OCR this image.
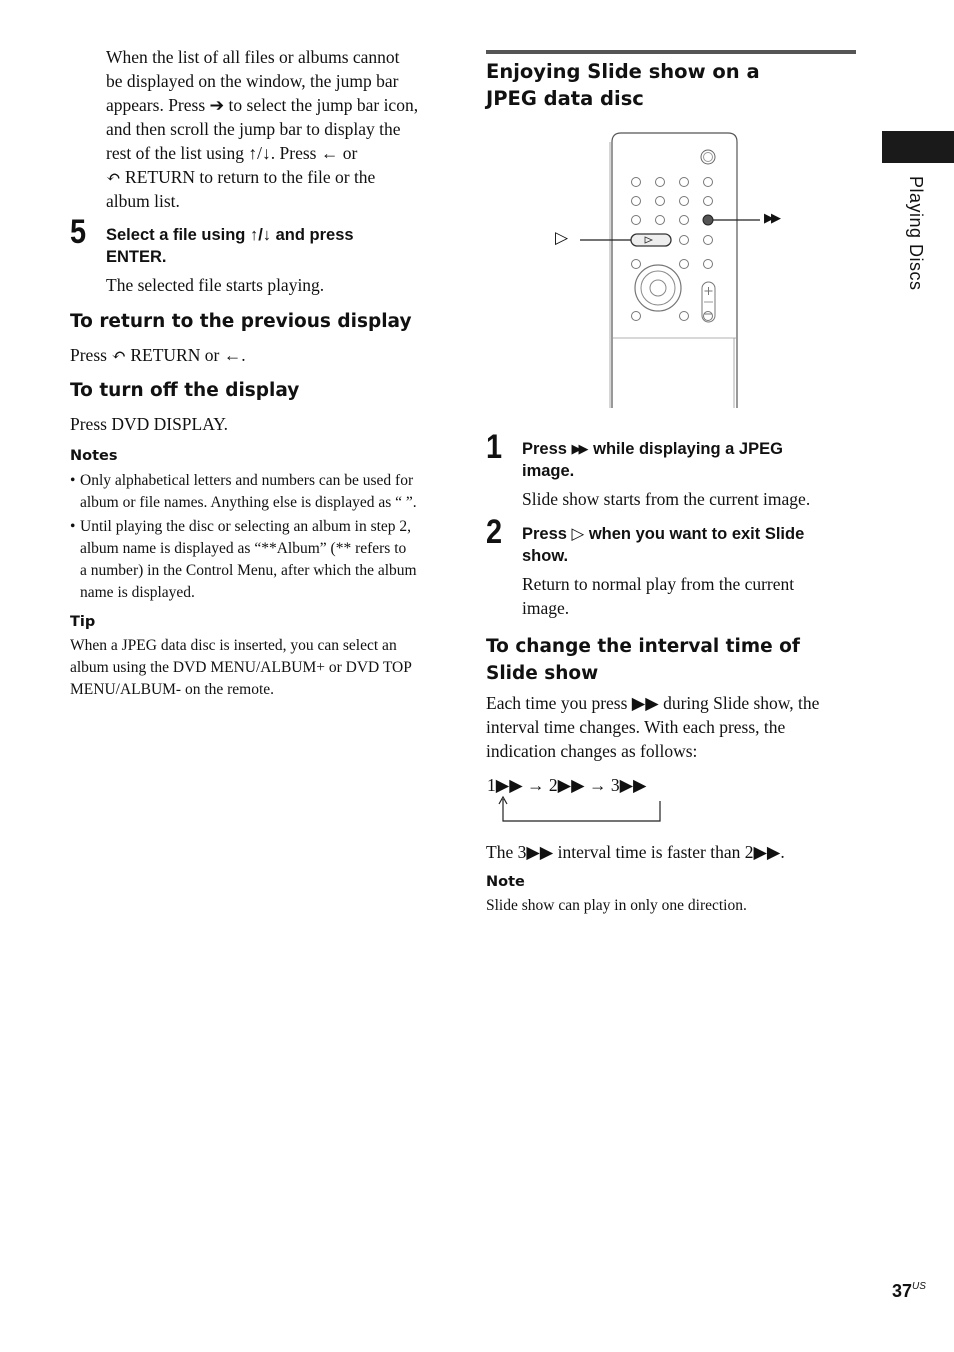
Playing Discs
When the list of all files or albums cannot
be displayed on the window, the jump bar
appears. Press ➔ to select the jump bar icon,
and then scroll the jump bar to display the
rest of the list using ↑/↓. Press ← or
↶ RETURN to return to the file or the
album list.
5 Select a file using ↑/↓ and press
ENTER.
The selected file starts playing.
To return to the previous display
Press ↶ RETURN or ←.
To turn off the display
Press DVD DISPLAY.
Notes
• Only alphabetical letters and numbers can be used for
album or file names. Anything else is displayed as “ ”.
• Until playing the disc or selecting an album in step 2,
album name is displayed as “**Album” (** refers to
a number) in the Control Menu, after which the album
name is displayed.
Tip
When a JPEG data disc is inserted, you can select an
album using the DVD MENU/ALBUM+ or DVD TOP
MENU/ALBUM- on the remote.
Enjoying Slide show on a
JPEG data disc
▷
▶▶
1 Press ▶▶ while displaying a JPEG
image.
Slide show starts from the current image.
2 Press ▷ when you want to exit Slide
show.
Return to normal play from the current
image.
To change the interval time of
Slide show
Each time you press ▶▶ during Slide show, the
interval time changes. With each press, the
indication changes as follows:
1▶▶ → 2▶▶ → 3▶▶
The 3▶▶ interval time is faster than 2▶▶.
Note
Slide show can play in only one direction.
$37^{US}$
